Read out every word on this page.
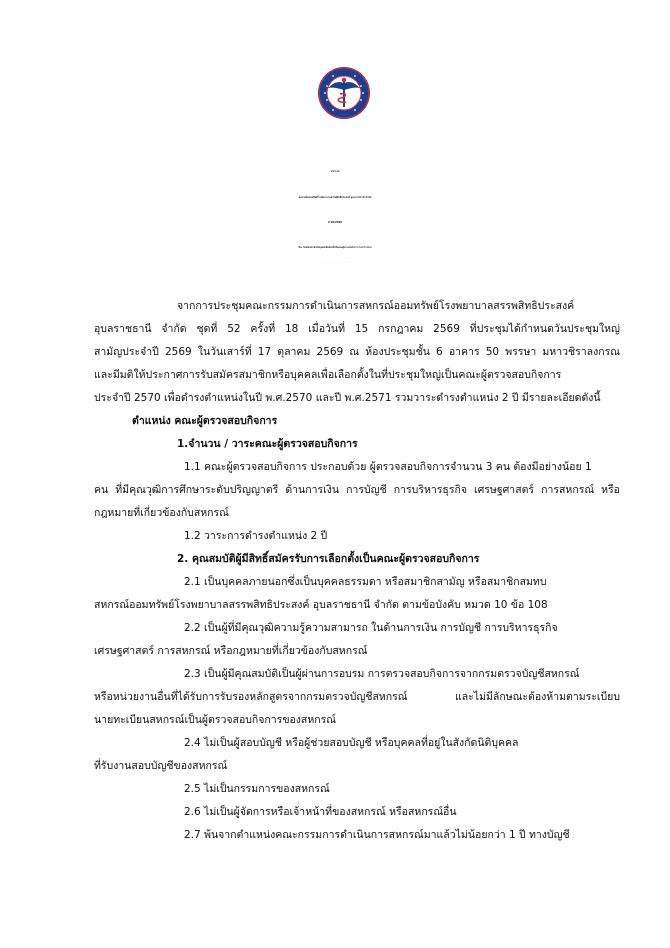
ประกาศ
สหกรณ์ออมทรัพย์โรงพยาบาลสรรพสิทธิประสงค์ อุบลราชธานี จำกัด
ที่ 28/2569
เรื่อง รับสมัครสมาชิกหรือบุคคลเพื่อเลือกตั้งเป็นคณะผู้ตรวจสอบกิจการ ประจำปี 2570
.....................................
จากการประชุมคณะกรรมการดำเนินการสหกรณ์ออมทรัพย์โรงพยาบาลสรรพสิทธิประสงค์
อุบลราชธานี จำกัด ชุดที่ 52 ครั้งที่ 18 เมื่อวันที่ 15 กรกฎาคม 2569 ที่ประชุมได้กำหนดวันประชุมใหญ่
สามัญประจำปี 2569 ในวันเสาร์ที่ 17 ตุลาคม 2569 ณ ห้องประชุมชั้น 6 อาคาร 50 พรรษา มหาวชิราลงกรณ
และมีมติให้ประกาศการรับสมัครสมาชิกหรือบุคคลเพื่อเลือกตั้งในที่ประชุมใหญ่เป็นคณะผู้ตรวจสอบกิจการ
ประจำปี 2570 เพื่อดำรงตำแหน่งในปี พ.ศ.2570 และปี พ.ศ.2571 รวมวาระดำรงตำแหน่ง 2 ปี มีรายละเอียดดังนี้
ตำแหน่ง คณะผู้ตรวจสอบกิจการ
1.จำนวน / วาระคณะผู้ตรวจสอบกิจการ
1.1 คณะผู้ตรวจสอบกิจการ ประกอบด้วย ผู้ตรวจสอบกิจการจำนวน 3 คน ต้องมีอย่างน้อย 1
คน ที่มีคุณวุฒิการศึกษาระดับปริญญาตรี ด้านการเงิน การบัญชี การบริหารธุรกิจ เศรษฐศาสตร์ การสหกรณ์ หรือ
กฎหมายที่เกี่ยวข้องกับสหกรณ์
1.2 วาระการดำรงตำแหน่ง 2 ปี
2. คุณสมบัติผู้มีสิทธิ์สมัครรับการเลือกตั้งเป็นคณะผู้ตรวจสอบกิจการ
2.1 เป็นบุคคลภายนอกซึ่งเป็นบุคคลธรรมดา หรือสมาชิกสามัญ หรือสมาชิกสมทบ
สหกรณ์ออมทรัพย์โรงพยาบาลสรรพสิทธิประสงค์ อุบลราชธานี จำกัด ตามข้อบังคับ หมวด 10 ข้อ 108
2.2 เป็นผู้ที่มีคุณวุฒิความรู้ความสามารถ ในด้านการเงิน การบัญชี การบริหารธุรกิจ
เศรษฐศาสตร์ การสหกรณ์ หรือกฎหมายที่เกี่ยวข้องกับสหกรณ์
2.3 เป็นผู้มีคุณสมบัติเป็นผู้ผ่านการอบรม การตรวจสอบกิจการจากกรมตรวจบัญชีสหกรณ์
หรือหน่วยงานอื่นที่ได้รับการรับรองหลักสูตรจากกรมตรวจบัญชีสหกรณ์ และไม่มีลักษณะต้องห้ามตามระเบียบ
นายทะเบียนสหกรณ์เป็นผู้ตรวจสอบกิจการของสหกรณ์
2.4 ไม่เป็นผู้สอบบัญชี หรือผู้ช่วยสอบบัญชี หรือบุคคลที่อยู่ในสังกัดนิติบุคคล
ที่รับงานสอบบัญชีของสหกรณ์
2.5 ไม่เป็นกรรมการของสหกรณ์
2.6 ไม่เป็นผู้จัดการหรือเจ้าหน้าที่ของสหกรณ์ หรือสหกรณ์อื่น
2.7 พ้นจากตำแหน่งคณะกรรมการดำเนินการสหกรณ์มาแล้วไม่น้อยกว่า 1 ปี ทางบัญชี
